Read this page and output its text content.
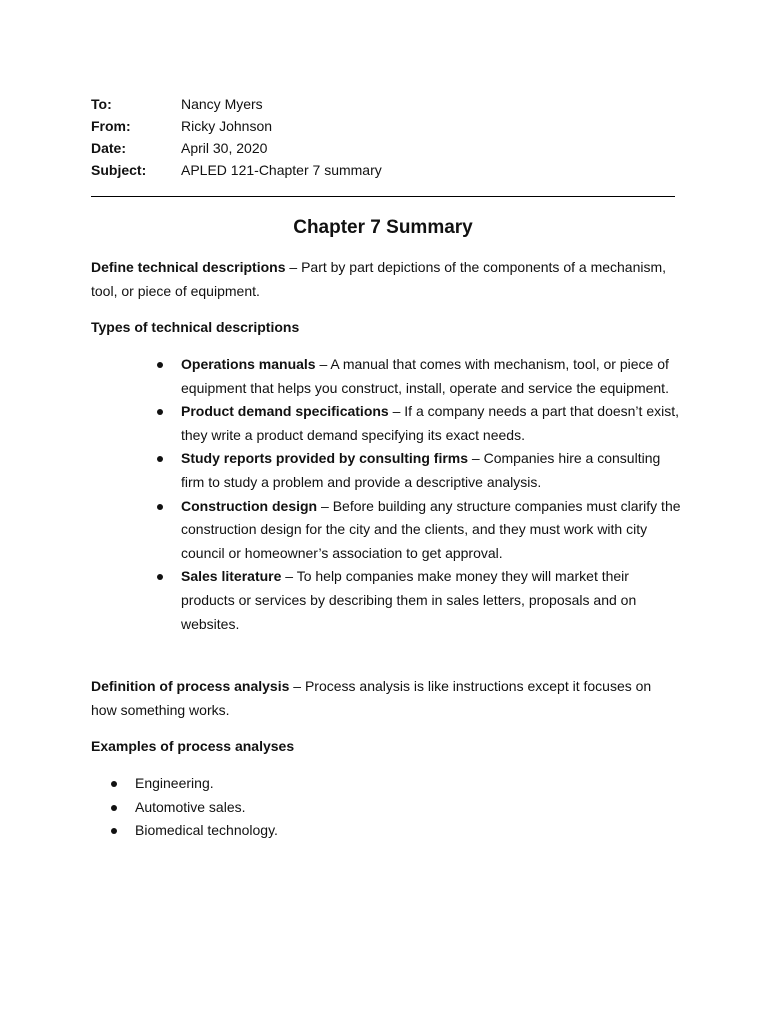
To:	Nancy Myers
From:	Ricky Johnson
Date:	April 30, 2020
Subject:	APLED 121-Chapter 7 summary
Chapter 7 Summary
Define technical descriptions – Part by part depictions of the components of a mechanism, tool, or piece of equipment.
Types of technical descriptions
Operations manuals – A manual that comes with mechanism, tool, or piece of equipment that helps you construct, install, operate and service the equipment.
Product demand specifications – If a company needs a part that doesn’t exist, they write a product demand specifying its exact needs.
Study reports provided by consulting firms – Companies hire a consulting firm to study a problem and provide a descriptive analysis.
Construction design – Before building any structure companies must clarify the construction design for the city and the clients, and they must work with city council or homeowner’s association to get approval.
Sales literature – To help companies make money they will market their products or services by describing them in sales letters, proposals and on websites.
Definition of process analysis – Process analysis is like instructions except it focuses on how something works.
Examples of process analyses
Engineering.
Automotive sales.
Biomedical technology.
